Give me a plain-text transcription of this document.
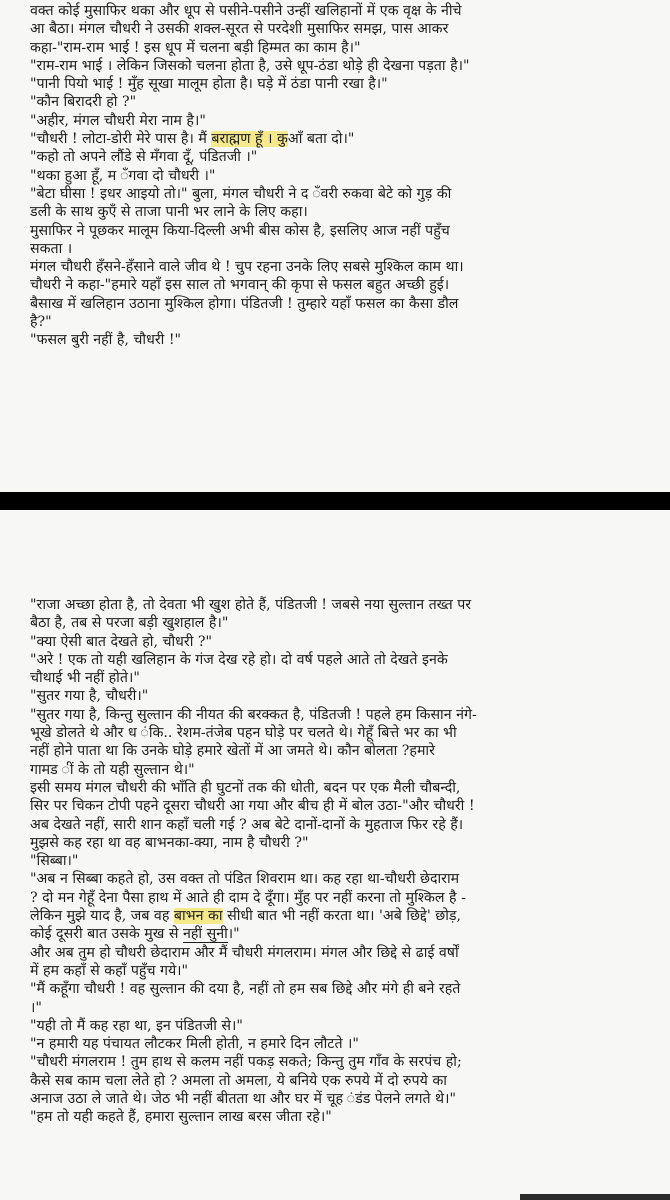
वक्त कोई मुसाफिर थका और धूप से पसीने-पसीने उन्हीं खलिहानों में एक वृक्ष के नीचे

आ बैठा। मंगल चौधरी ने उसकी शक्ल-सूरत से परदेशी मुसाफिर समझ, पास आकर

कहा-"राम-राम भाई ! इस धूप में चलना बड़ी हिम्मत का काम है।"

"राम-राम भाई । लेकिन जिसको चलना होता है, उसे धूप-ठंडा थोड़े ही देखना पड़ता है।"

"पानी पियो भाई ! मुँह सूखा मालूम होता है। घड़े में ठंडा पानी रखा है।"

"कौन बिरादरी हो ?"

"अहीर, मंगल चौधरी मेरा नाम है।"

"चौधरी ! लोटा-डोरी मेरे पास है। मैं बराह्मण हूँ । कुआँ बता दो।"

"कहो तो अपने लौंडे से मँगवा दूँ, पंडितजी ।"

"थका हुआ हूँ, म ँगवा दो चौधरी ।"

"बेटा घीसा ! इधर आइयो तो।" बुला, मंगल चौधरी ने द ँवरी रुकवा बेटे को गुड़ की

डली के साथ कुएँ से ताजा पानी भर लाने के लिए कहा।

मुसाफिर ने पूछकर मालूम किया-दिल्ली अभी बीस कोस है, इसलिए आज नहीं पहुँच

सकता ।

मंगल चौधरी हँसने-हँसाने वाले जीव थे ! चुप रहना उनके लिए सबसे मुश्किल काम था।

चौधरी ने कहा-"हमारे यहाँ इस साल तो भगवान् की कृपा से फसल बहुत अच्छी हुई।

बैसाख में खलिहान उठाना मुश्किल होगा। पंडितजी ! तुम्हारे यहाँ फसल का कैसा डौल

है?"

"फसल बुरी नहीं है, चौधरी !"

"राजा अच्छा होता है, तो देवता भी खुश होते हैं, पंडितजी ! जबसे नया सुल्तान तख्त पर

बैठा है, तब से परजा बड़ी खुशहाल है।"

"क्या ऐसी बात देखते हो, चौधरी ?"

"अरे ! एक तो यही खलिहान के गंज देख रहे हो। दो वर्ष पहले आते तो देखते इनके

चौथाई भी नहीं होते।"

"सुतर गया है, चौधरी।"

"सुतर गया है, किन्तु सुल्तान की नीयत की बरक्कत है, पंडितजी ! पहले हम किसान नंगे-

भूखे डोलते थे और ध ंकि.. रेशम-तंजेब पहन घोड़े पर चलते थे। गेहूँ बित्ते भर का भी

नहीं होने पाता था कि उनके घोड़े हमारे खेतों में आ जमते थे। कौन बोलता ?हमारे

गामड ीं के तो यही सुल्तान थे।"

इसी समय मंगल चौधरी की भाँति ही घुटनों तक की धोती, बदन पर एक मैली चौबन्दी,

सिर पर चिकन टोपी पहने दूसरा चौधरी आ गया और बीच ही में बोल उठा-"और चौधरी !

अब देखते नहीं, सारी शान कहाँ चली गई ? अब बेटे दानों-दानों के मुहताज फिर रहे हैं।

मुझसे कह रहा था वह बाभनका-क्या, नाम है चौधरी ?"

"सिब्बा।"

"अब न सिब्बा कहते हो, उस वक्त तो पंडित शिवराम था। कह रहा था-चौधरी छेदाराम

? दो मन गेहूँ देना पैसा हाथ में आते ही दाम दे दूँगा। मुँह पर नहीं करना तो मुश्किल है -

लेकिन मुझे याद है, जब वह बाभन का सीधी बात भी नहीं करता था। 'अबे छिद्दे' छोड़,

कोई दूसरी बात उसके मुख से नहीं सुनी।"

और अब तुम हो चौधरी छेदाराम और मैं चौधरी मंगलराम। मंगल और छिद्दे से ढाई वर्षों

में हम कहाँ से कहाँ पहुँच गये।"

"मैं कहूँगा चौधरी ! वह सुल्तान की दया है, नहीं तो हम सब छिद्दे और मंगे ही बने रहते

।"

"यही तो मैं कह रहा था, इन पंडितजी से।"

"न हमारी यह पंचायत लौटकर मिली होती, न हमारे दिन लौटते ।"

"चौधरी मंगलराम ! तुम हाथ से कलम नहीं पकड़ सकते; किन्तु तुम गाँव के सरपंच हो;

कैसे सब काम चला लेते हो ? अमला तो अमला, ये बनिये एक रुपये में दो रुपये का

अनाज उठा ले जाते थे। जेठ भी नहीं बीतता था और घर में चूह ंडंड पेलने लगते थे।"

"हम तो यही कहते हैं, हमारा सुल्तान लाख बरस जीता रहे।"
